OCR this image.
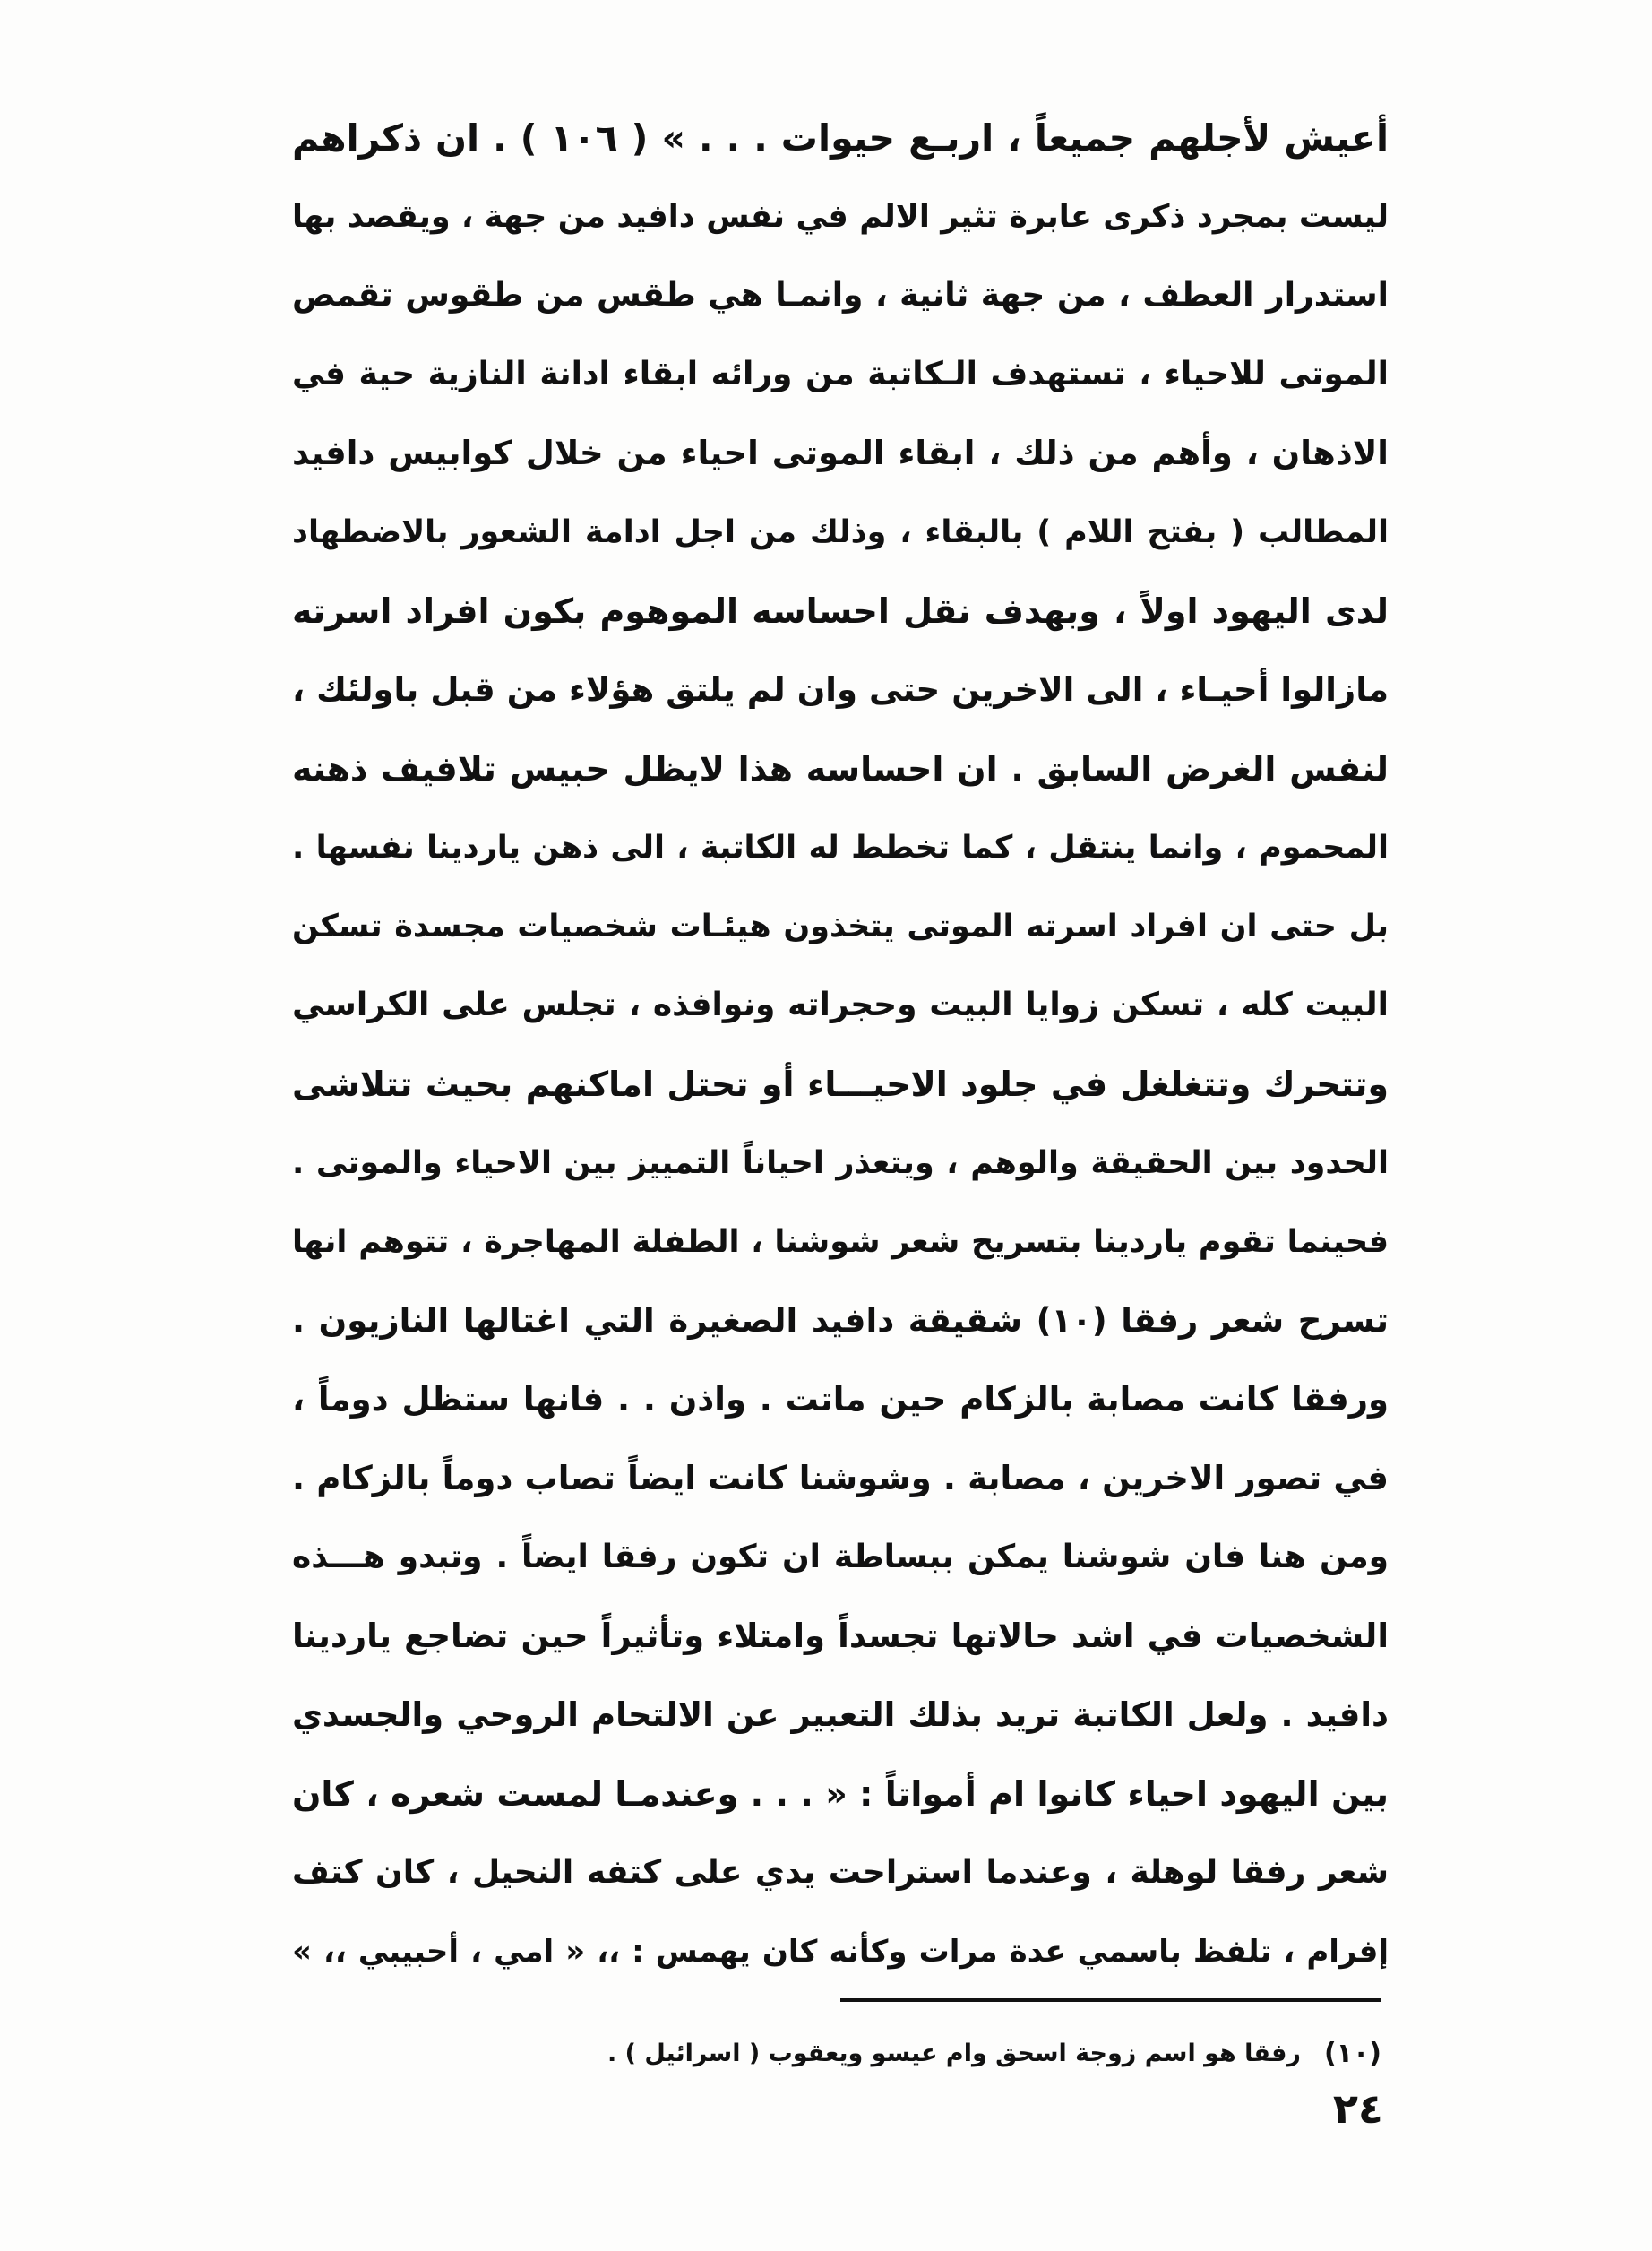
أعيش لأجلهم جميعاً ، اربـع حيوات . . . » ( ١٠٦ ) . ان ذكراهم
ليست بمجرد ذكرى عابرة تثير الالم في نفس دافيد من جهة ، ويقصد بها
استدرار العطف ، من جهة ثانية ، وانمـا هي طقس من طقوس تقمص
الموتى للاحياء ، تستهدف الـكاتبة من ورائه ابقاء ادانة النازية حية في
الاذهان ، وأهم من ذلك ، ابقاء الموتى احياء من خلال كوابيس دافيد
المطالب ( بفتح اللام ) بالبقاء ، وذلك من اجل ادامة الشعور بالاضطهاد
لدى اليهود اولاً ، وبهدف نقل احساسه الموهوم بكون افراد اسرته
مازالوا أحيـاء ، الى الاخرين حتى وان لم يلتق هؤلاء من قبل باولئك ،
لنفس الغرض السابق . ان احساسه هذا لايظل حبيس تلافيف ذهنه
المحموم ، وانما ينتقل ، كما تخطط له الكاتبة ، الى ذهن ياردينا نفسها .
بل حتى ان افراد اسرته الموتى يتخذون هيئـات شخصيات مجسدة تسكن
البيت كله ، تسكن زوايا البيت وحجراته ونوافذه ، تجلس على الكراسي
وتتحرك وتتغلغل في جلود الاحيـــاء أو تحتل اماكنهم بحيث تتلاشى
الحدود بين الحقيقة والوهم ، ويتعذر احياناً التمييز بين الاحياء والموتى .
فحينما تقوم ياردينا بتسريح شعر شوشنا ، الطفلة المهاجرة ، تتوهم انها
تسرح شعر رفقا (١٠) شقيقة دافيد الصغيرة التي اغتالها النازيون .
ورفقا كانت مصابة بالزكام حين ماتت . واذن . . فانها ستظل دوماً ،
في تصور الاخرين ، مصابة . وشوشنا كانت ايضاً تصاب دوماً بالزكام .
ومن هنا فان شوشنا يمكن ببساطة ان تكون رفقا ايضاً . وتبدو هـــذه
الشخصيات في اشد حالاتها تجسداً وامتلاء وتأثيراً حين تضاجع ياردينا
دافيد . ولعل الكاتبة تريد بذلك التعبير عن الالتحام الروحي والجسدي
بين اليهود احياء كانوا ام أمواتاً : « . . . وعندمـا لمست شعره ، كان
شعر رفقا لوهلة ، وعندما استراحت يدي على كتفه النحيل ، كان كتف
إفرام ، تلفظ باسمي عدة مرات وكأنه كان يهمس : ،، « امي ، أحبيبي ،، »
(١٠)
رفقا هو اسم زوجة اسحق وام عيسو ويعقوب ( اسرائيل ) .
٢٤
